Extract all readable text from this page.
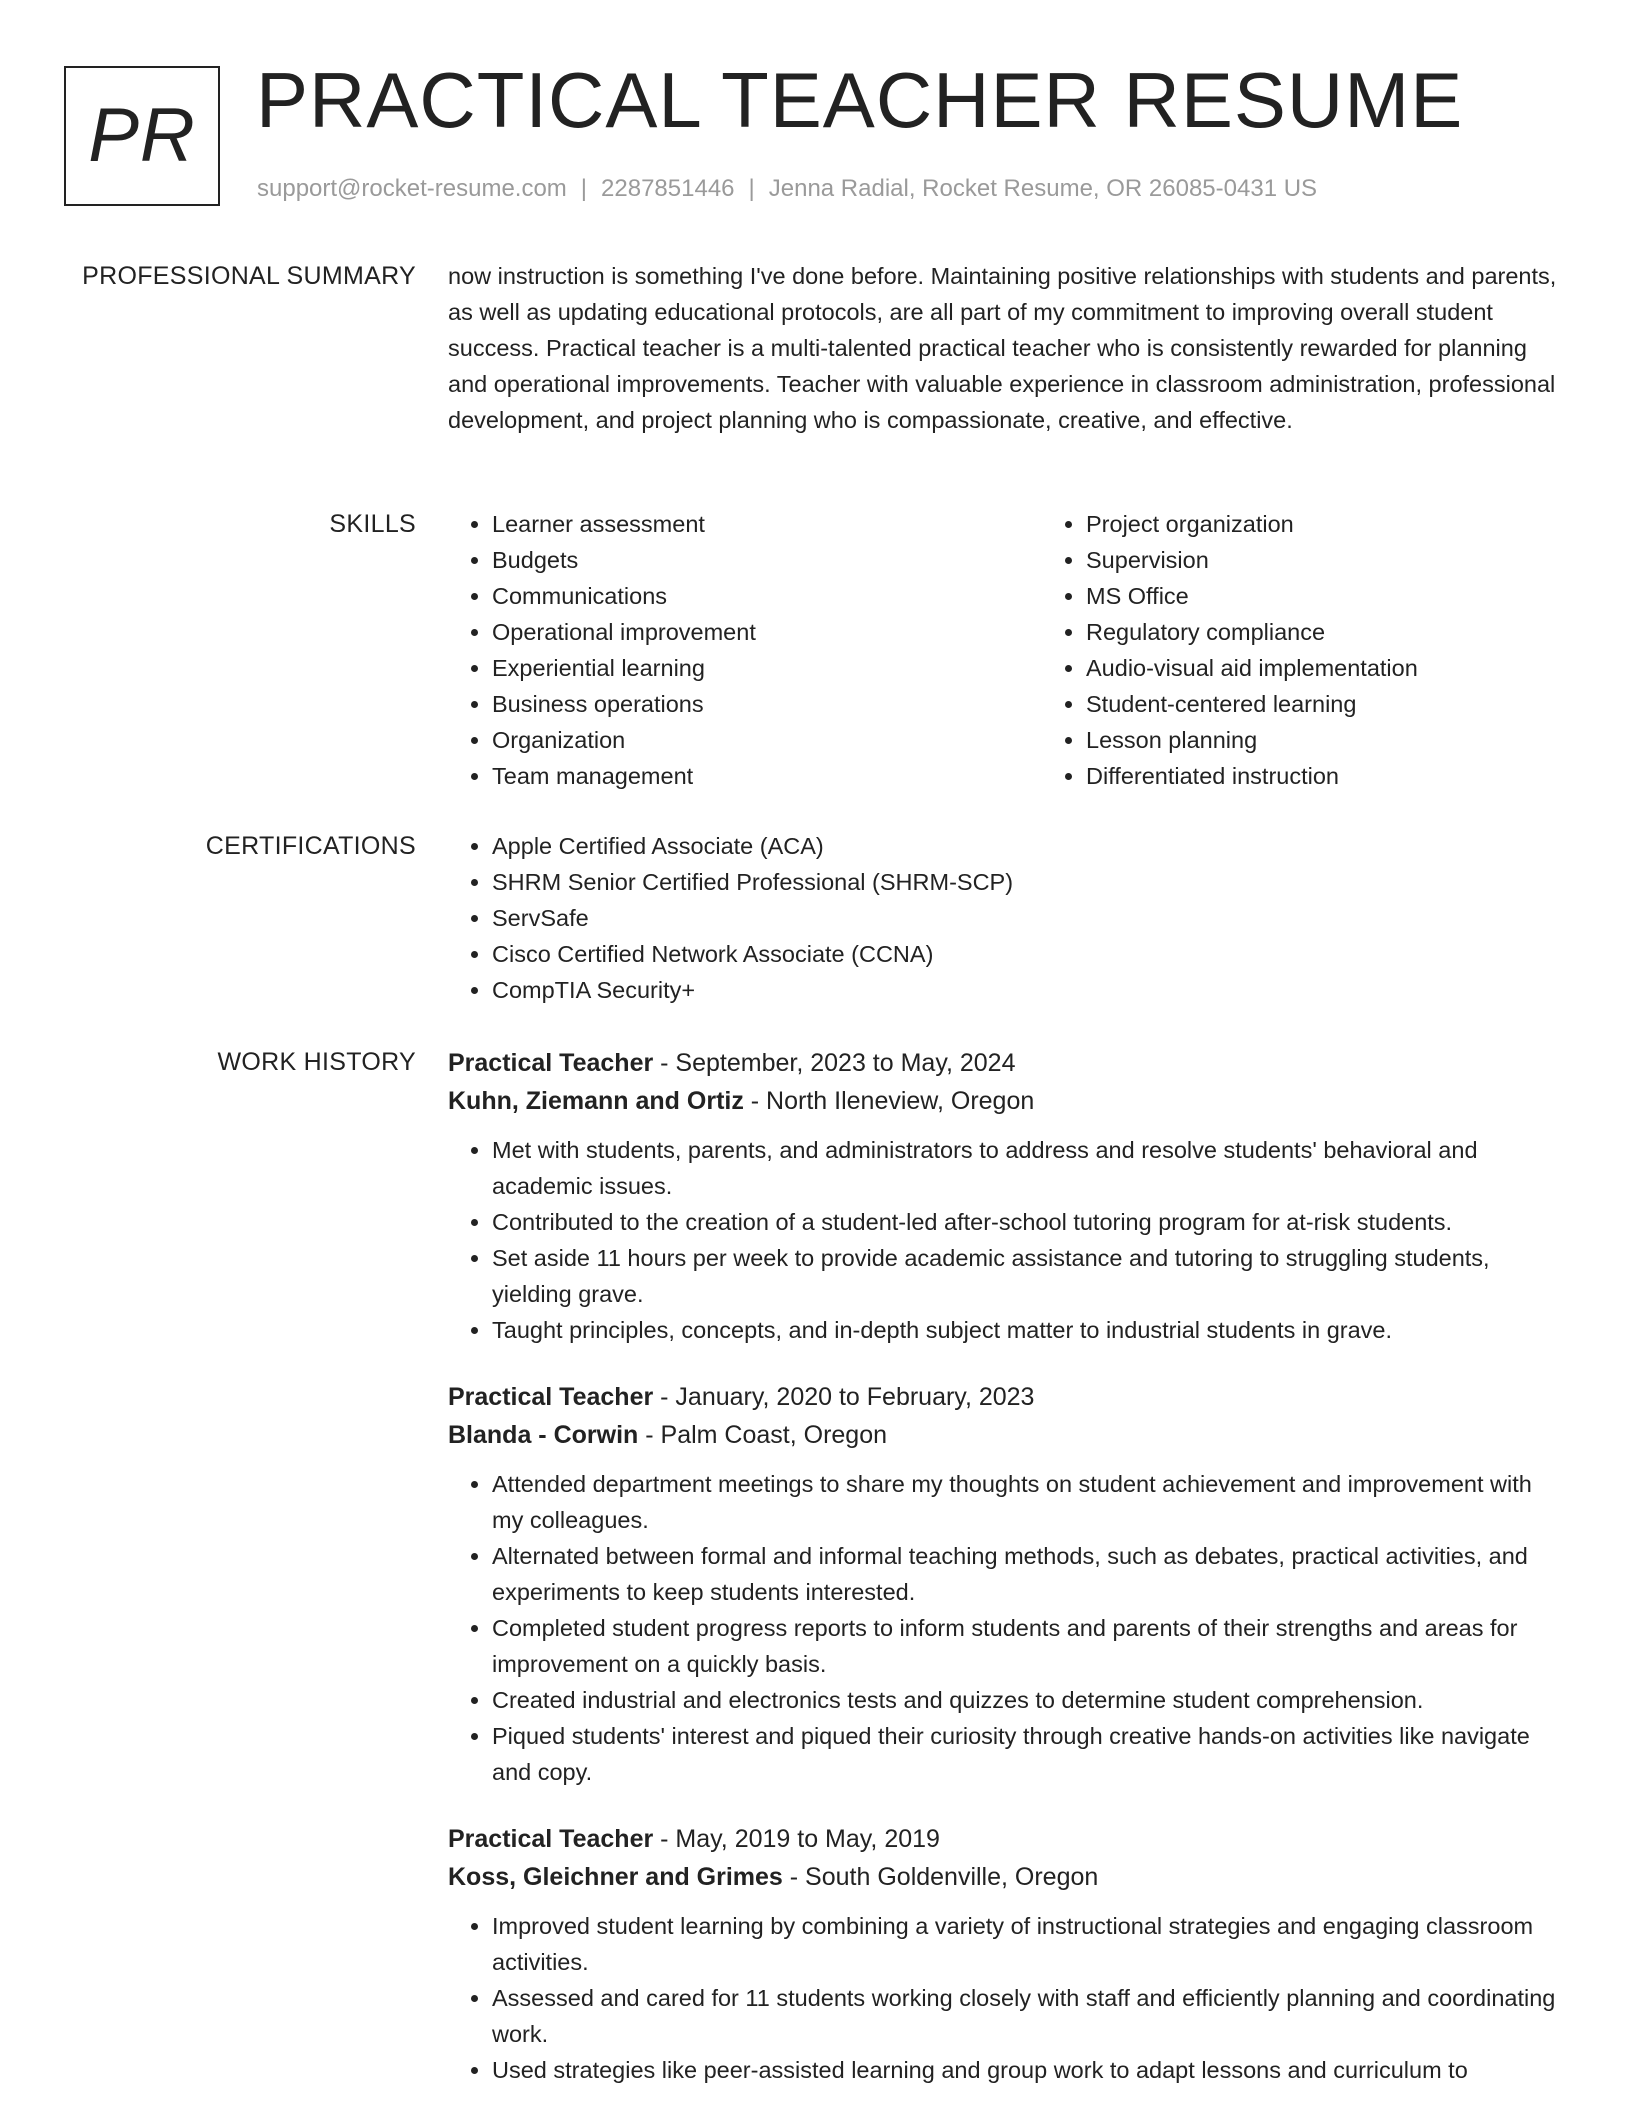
PR PRACTICAL TEACHER RESUME
support@rocket-resume.com | 2287851446 | Jenna Radial, Rocket Resume, OR 26085-0431 US
PROFESSIONAL SUMMARY now instruction is something I've done before. Maintaining positive relationships with students and parents, as well as updating educational protocols, are all part of my commitment to improving overall student success. Practical teacher is a multi-talented practical teacher who is consistently rewarded for planning and operational improvements. Teacher with valuable experience in classroom administration, professional development, and project planning who is compassionate, creative, and effective.

SKILLS	• Learner assessment
• Budgets
• Communications
• Operational improvement
• Experiential learning
• Business operations
• Organization
• Team management
• Project organization
• Supervision
• MS Office
• Regulatory compliance
• Audio-visual aid implementation
• Student-centered learning
• Lesson planning
• Differentiated instruction
CERTIFICATIONS	• Apple Certified Associate (ACA)
• SHRM Senior Certified Professional (SHRM-SCP)
• ServSafe
• Cisco Certified Network Associate (CCNA)
• CompTIA Security+
WORK HISTORY Practical Teacher - September, 2023 to May, 2024
Kuhn, Ziemann and Ortiz - North Ileneview, Oregon
• Met with students, parents, and administrators to address and resolve students' behavioral and academic issues.
• Contributed to the creation of a student-led after-school tutoring program for at-risk students.
• Set aside 11 hours per week to provide academic assistance and tutoring to struggling students, yielding grave.
• Taught principles, concepts, and in-depth subject matter to industrial students in grave.
Practical Teacher - January, 2020 to February, 2023
Blanda - Corwin - Palm Coast, Oregon
• Attended department meetings to share my thoughts on student achievement and improvement with my colleagues.
• Alternated between formal and informal teaching methods, such as debates, practical activities, and experiments to keep students interested.
• Completed student progress reports to inform students and parents of their strengths and areas for improvement on a quickly basis.
• Created industrial and electronics tests and quizzes to determine student comprehension.
• Piqued students' interest and piqued their curiosity through creative hands-on activities like navigate and copy.
Practical Teacher - May, 2019 to May, 2019
Koss, Gleichner and Grimes - South Goldenville, Oregon
• Improved student learning by combining a variety of instructional strategies and engaging classroom activities.
• Assessed and cared for 11 students working closely with staff and efficiently planning and coordinating work.
• Used strategies like peer-assisted learning and group work to adapt lessons and curriculum to
